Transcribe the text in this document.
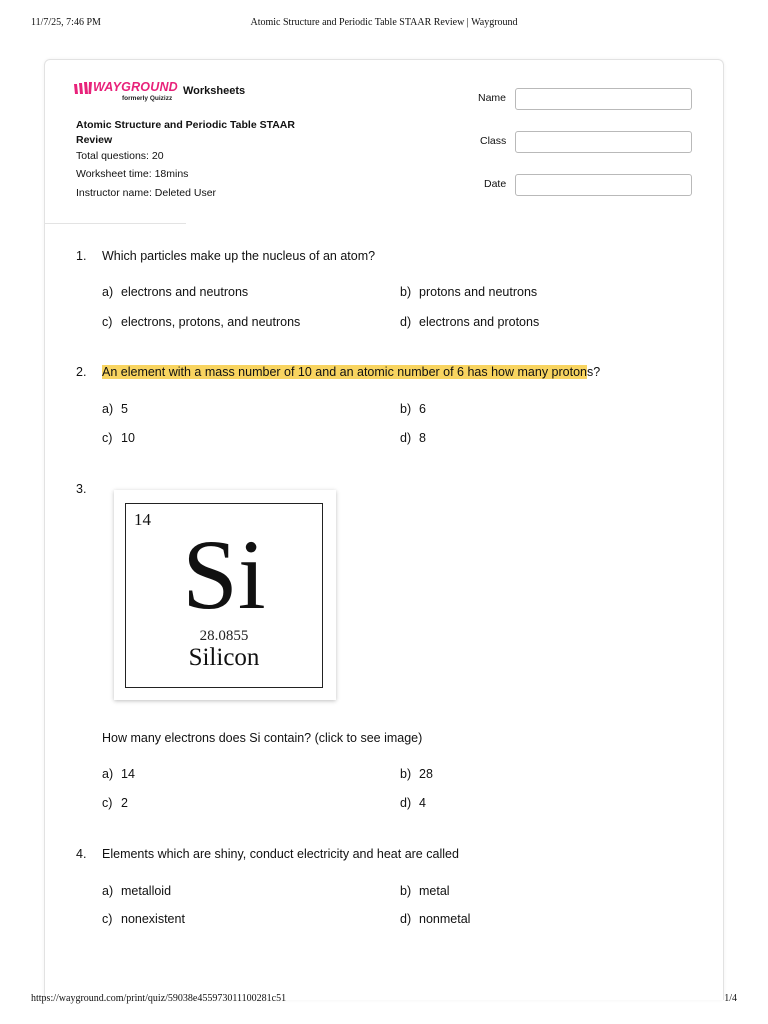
11/7/25, 7:46 PM	Atomic Structure and Periodic Table STAAR Review | Wayground
WAYGROUND
formerly Quizizz
Worksheets
Atomic Structure and Periodic Table STAAR Review
Total questions: 20
Worksheet time: 18mins
Instructor name: Deleted User
Name
Class
Date
1. Which particles make up the nucleus of an atom?
a) electrons and neutrons	b) protons and neutrons
c) electrons, protons, and neutrons	d) electrons and protons
2. An element with a mass number of 10 and an atomic number of 6 has how many protons?
a) 5	b) 6
c) 10	d) 8
3.
14 Si
28.0855
Silicon
How many electrons does Si contain? (click to see image)
a) 14	b) 28
c) 2	d) 4
4. Elements which are shiny, conduct electricity and heat are called
a) metalloid	b) metal
c) nonexistent	d) nonmetal
https://wayground.com/print/quiz/59038e455973011100281c51	1/4
